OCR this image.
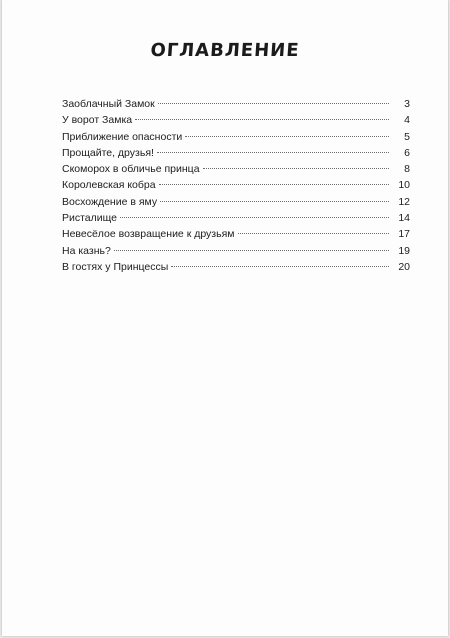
ОГЛАВЛЕНИЕ
Заоблачный Замок	3
У ворот Замка	4
Приближение опасности	5
Прощайте, друзья!	6
Скоморох в обличье принца	8
Королевская кобра	10
Восхождение в яму	12
Ристалище	14
Невесёлое возвращение к друзьям	17
На казнь?	19
В гостях у Принцессы	20
